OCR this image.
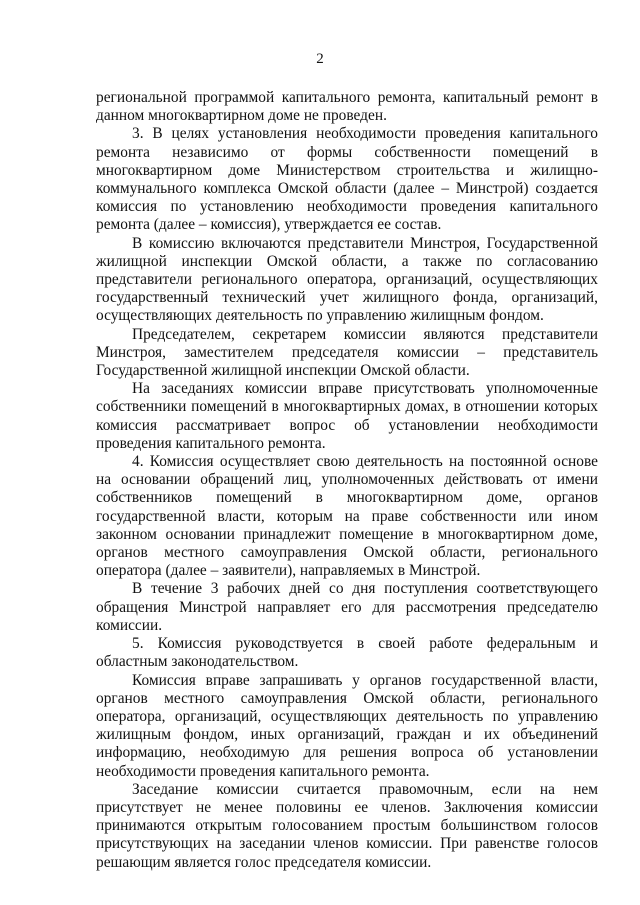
2

региональной программой капитального ремонта, капитальный ремонт в данном многоквартирном доме не проведен.

3. В целях установления необходимости проведения капитального ремонта независимо от формы собственности помещений в многоквартирном доме Министерством строительства и жилищно-коммунального комплекса Омской области (далее – Минстрой) создается комиссия по установлению необходимости проведения капитального ремонта (далее – комиссия), утверждается ее состав.

В комиссию включаются представители Минстроя, Государственной жилищной инспекции Омской области, а также по согласованию представители регионального оператора, организаций, осуществляющих государственный технический учет жилищного фонда, организаций, осуществляющих деятельность по управлению жилищным фондом.

Председателем, секретарем комиссии являются представители Минстроя, заместителем председателя комиссии – представитель Государственной жилищной инспекции Омской области.

На заседаниях комиссии вправе присутствовать уполномоченные собственники помещений в многоквартирных домах, в отношении которых комиссия рассматривает вопрос об установлении необходимости проведения капитального ремонта.

4. Комиссия осуществляет свою деятельность на постоянной основе на основании обращений лиц, уполномоченных действовать от имени собственников помещений в многоквартирном доме, органов государственной власти, которым на праве собственности или ином законном основании принадлежит помещение в многоквартирном доме, органов местного самоуправления Омской области, регионального оператора (далее – заявители), направляемых в Минстрой.

В течение 3 рабочих дней со дня поступления соответствующего обращения Минстрой направляет его для рассмотрения председателю комиссии.

5. Комиссия руководствуется в своей работе федеральным и областным законодательством.

Комиссия вправе запрашивать у органов государственной власти, органов местного самоуправления Омской области, регионального оператора, организаций, осуществляющих деятельность по управлению жилищным фондом, иных организаций, граждан и их объединений информацию, необходимую для решения вопроса об установлении необходимости проведения капитального ремонта.

Заседание комиссии считается правомочным, если на нем присутствует не менее половины ее членов. Заключения комиссии принимаются открытым голосованием простым большинством голосов присутствующих на заседании членов комиссии. При равенстве голосов решающим является голос председателя комиссии.
